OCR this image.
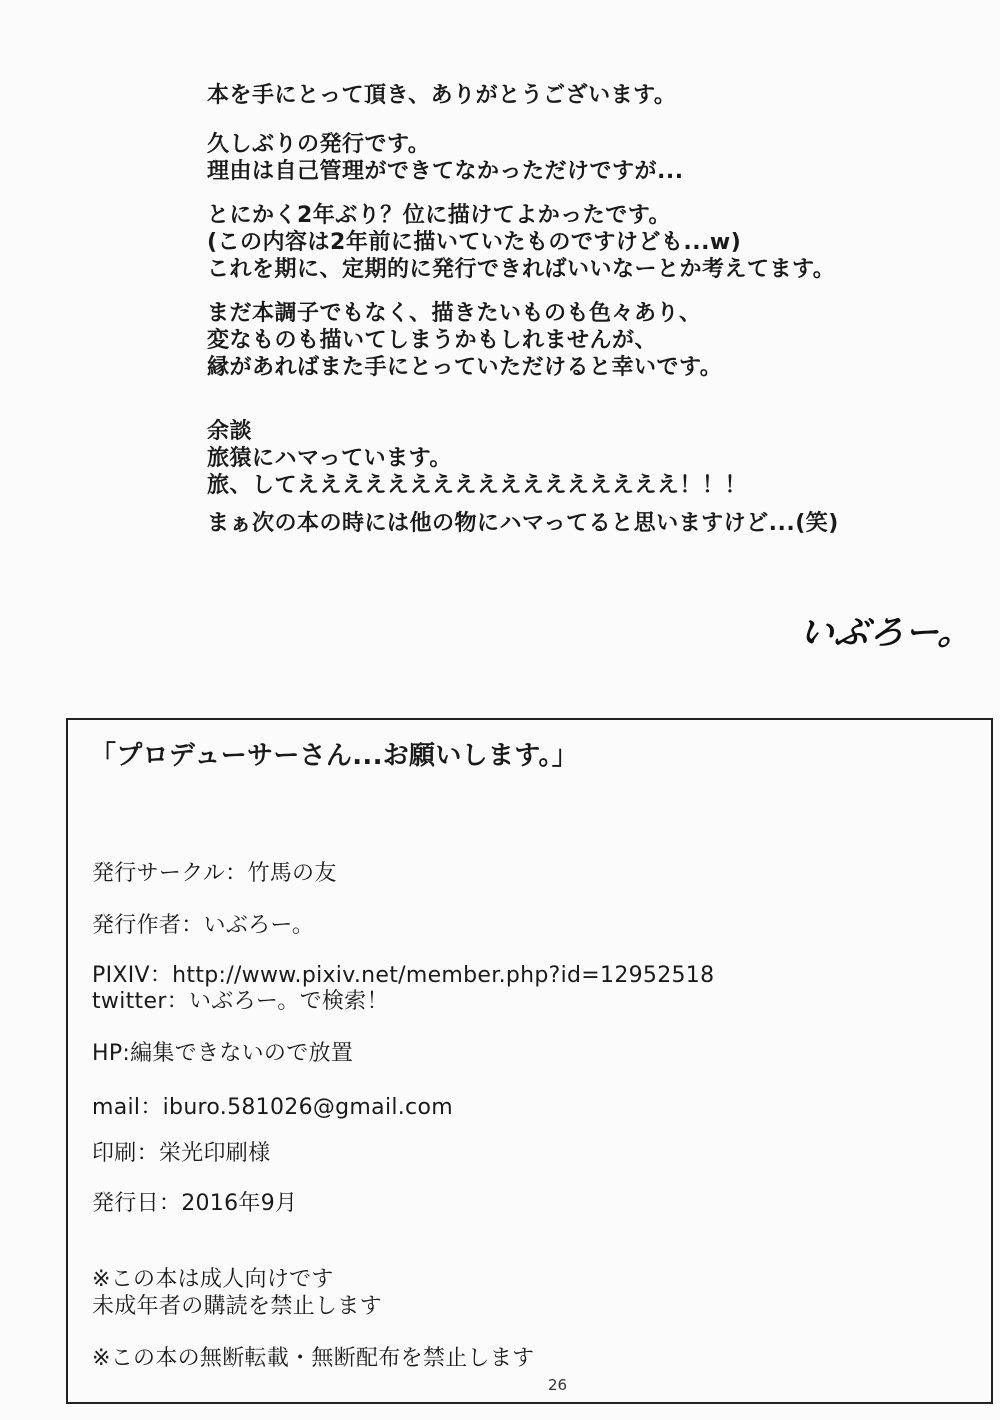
本を手にとって頂き、ありがとうございます。

久しぶりの発行です。
理由は自己管理ができてなかっただけですが...

とにかく2年ぶり？位に描けてよかったです。
(この内容は2年前に描いていたものですけども...w)
これを期に、定期的に発行できればいいなーとか考えてます。

まだ本調子でもなく、描きたいものも色々あり、
変なものも描いてしまうかもしれませんが、
縁があればまた手にとっていただけると幸いです。

余談
旅猿にハマっています。
旅、してえええええええええええええええええ！！！

まぁ次の本の時には他の物にハマってると思いますけど...(笑)

いぶろー。
「プロデューサーさん...お願いします。」
発行サークル：竹馬の友
発行作者：いぶろー。
PIXIV：http://www.pixiv.net/member.php?id=12952518
twitter：いぶろー。で検索！
HP:編集できないので放置
mail：iburo.581026@gmail.com
印刷：栄光印刷様
発行日：2016年9月
※この本は成人向けです
未成年者の購読を禁止します
※この本の無断転載・無断配布を禁止します
26
